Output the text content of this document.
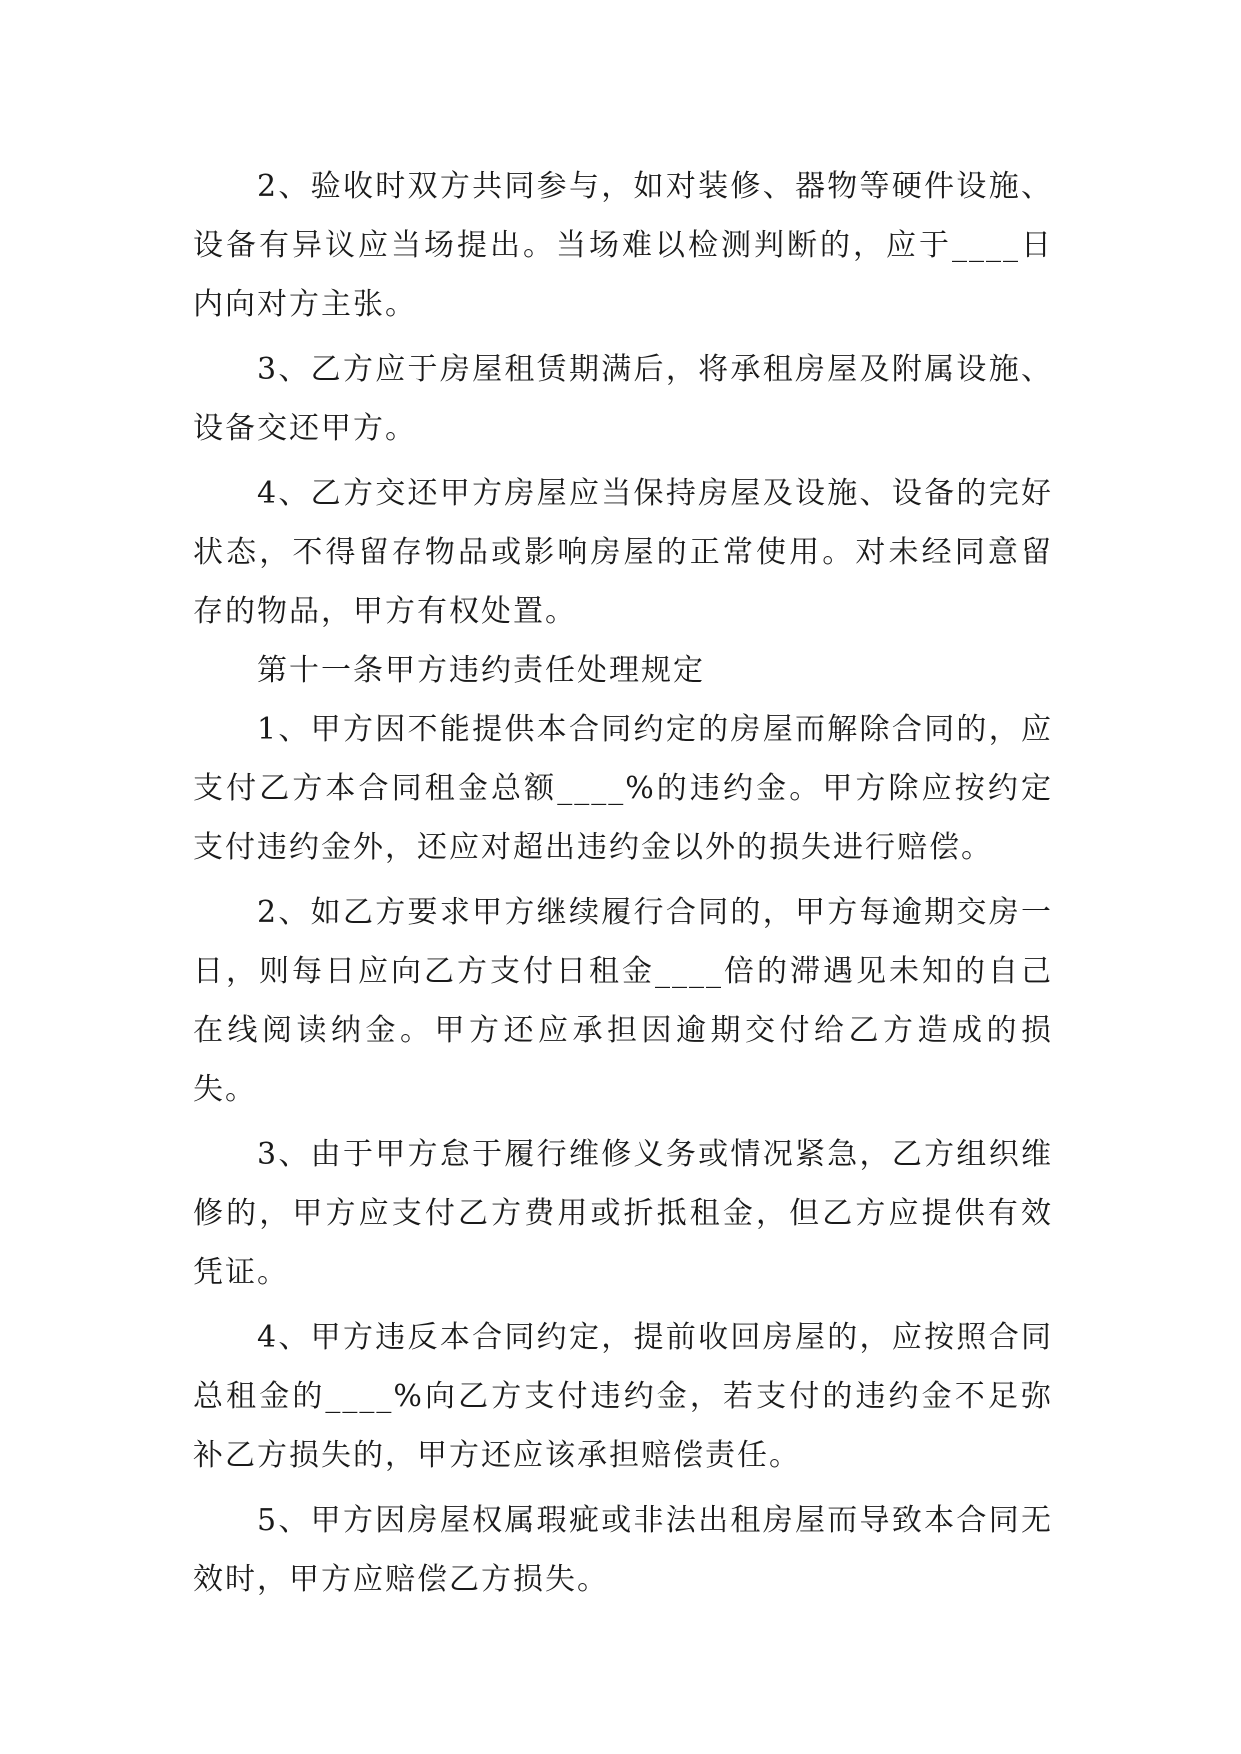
2、验收时双方共同参与，如对装修、器物等硬件设施、设备有异议应当场提出。当场难以检测判断的，应于____日内向对方主张。

3、乙方应于房屋租赁期满后，将承租房屋及附属设施、设备交还甲方。

4、乙方交还甲方房屋应当保持房屋及设施、设备的完好状态，不得留存物品或影响房屋的正常使用。对未经同意留存的物品，甲方有权处置。

第十一条甲方违约责任处理规定

1、甲方因不能提供本合同约定的房屋而解除合同的，应支付乙方本合同租金总额____%的违约金。甲方除应按约定支付违约金外，还应对超出违约金以外的损失进行赔偿。

2、如乙方要求甲方继续履行合同的，甲方每逾期交房一日，则每日应向乙方支付日租金____倍的滞遇见未知的自己在线阅读纳金。甲方还应承担因逾期交付给乙方造成的损失。

3、由于甲方怠于履行维修义务或情况紧急，乙方组织维修的，甲方应支付乙方费用或折抵租金，但乙方应提供有效凭证。

4、甲方违反本合同约定，提前收回房屋的，应按照合同总租金的____%向乙方支付违约金，若支付的违约金不足弥补乙方损失的，甲方还应该承担赔偿责任。

5、甲方因房屋权属瑕疵或非法出租房屋而导致本合同无效时，甲方应赔偿乙方损失。
